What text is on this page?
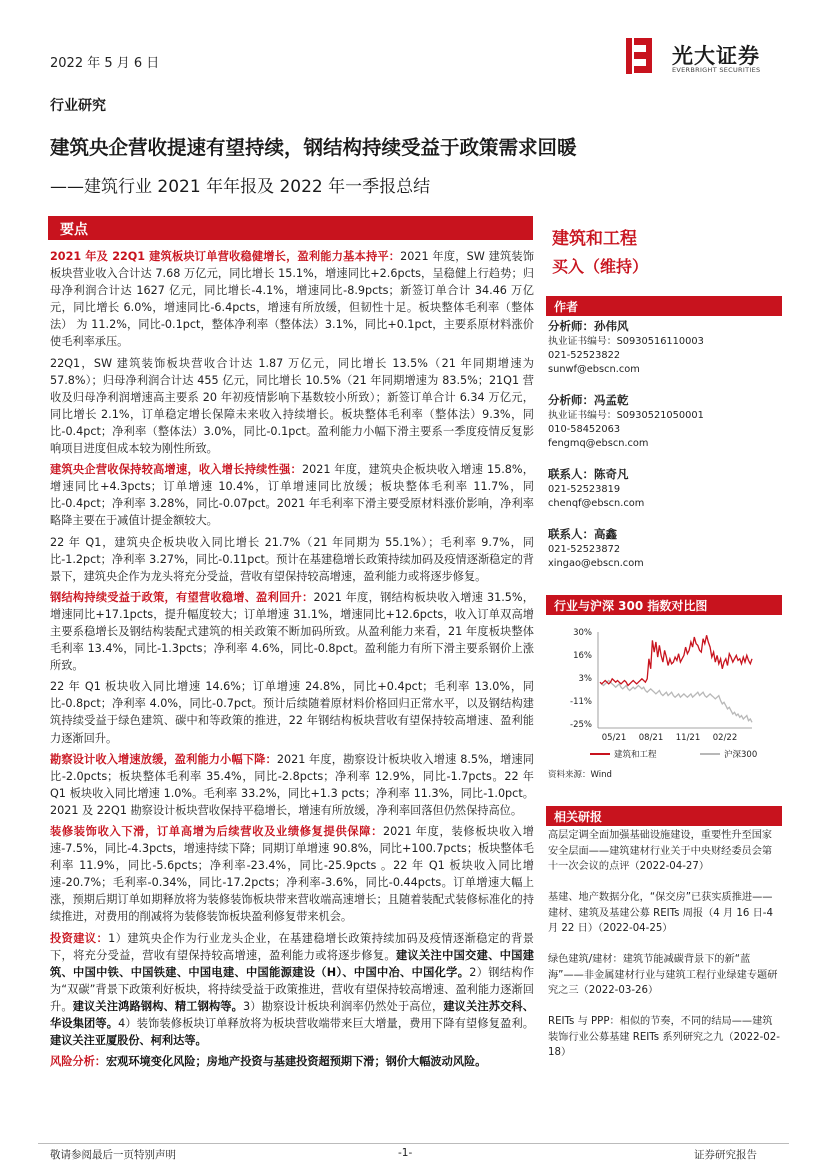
2022 年 5 月 6 日	光大证券
EVERBRIGHT SECURITIES
行业研究
建筑央企营收提速有望持续，钢结构持续受益于政策需求回暖
——建筑行业 2021 年年报及 2022 年一季报总结
要点

2021 年及 22Q1 建筑板块订单营收稳健增长，盈利能力基本持平：2021 年度，SW 建筑装饰板块营业收入合计达 7.68 万亿元，同比增长 15.1%，增速同比+2.6pcts，呈稳健上行趋势；归母净利润合计达 1627 亿元，同比增长-4.1%，增速同比-8.9pcts；新签订单合计 34.46 万亿元，同比增长 6.0%，增速同比-6.4pcts，增速有所放缓，但韧性十足。板块整体毛利率（整体法） 为 11.2%，同比-0.1pct，整体净利率（整体法）3.1%，同比+0.1pct，主要系原材料涨价使毛利率承压。

22Q1，SW 建筑装饰板块营收合计达 1.87 万亿元，同比增长 13.5%（21 年同期增速为 57.8%）；归母净利润合计达 455 亿元，同比增长 10.5%（21 年同期增速为 83.5%；21Q1 营收及归母净利润增速高主要系 20 年初疫情影响下基数较小所致）；新签订单合计 6.34 万亿元，同比增长 2.1%，订单稳定增长保障未来收入持续增长。板块整体毛利率（整体法）9.3%，同比-0.4pct；净利率（整体法）3.0%，同比-0.1pct。盈利能力小幅下滑主要系一季度疫情反复影响项目进度但成本较为刚性所致。

建筑央企营收保持较高增速，收入增长持续性强：2021 年度，建筑央企板块收入增速 15.8%，增速同比+4.3pcts；订单增速 10.4%，订单增速同比放缓；板块整体毛利率 11.7%，同比-0.4pct；净利率 3.28%，同比-0.07pct。2021 年毛利率下滑主要受原材料涨价影响，净利率略降主要在于减值计提金额较大。

22 年 Q1，建筑央企板块收入同比增长 21.7%（21 年同期为 55.1%）；毛利率 9.7%，同比-1.2pct；净利率 3.27%，同比-0.11pct。预计在基建稳增长政策持续加码及疫情逐渐稳定的背景下，建筑央企作为龙头将充分受益，营收有望保持较高增速，盈利能力或将逐步修复。

钢结构持续受益于政策，有望营收稳增、盈利回升：2021 年度，钢结构板块收入增速 31.5%，增速同比+17.1pcts，提升幅度较大；订单增速 31.1%，增速同比+12.6pcts，收入订单双高增主要系稳增长及钢结构装配式建筑的相关政策不断加码所致。从盈利能力来看，21 年度板块整体毛利率 13.4%，同比-1.3pcts；净利率 4.6%，同比-0.8pct。盈利能力有所下滑主要系钢价上涨所致。

22 年 Q1 板块收入同比增速 14.6%；订单增速 24.8%，同比+0.4pct；毛利率 13.0%，同比-0.8pct；净利率 4.0%，同比-0.7pct。预计后续随着原材料价格回归正常水平，以及钢结构建筑持续受益于绿色建筑、碳中和等政策的推进，22 年钢结构板块营收有望保持较高增速、盈利能力逐渐回升。

勘察设计收入增速放缓，盈利能力小幅下降：2021 年度，勘察设计板块收入增速 8.5%，增速同比-2.0pcts；板块整体毛利率 35.4%，同比-2.8pcts；净利率 12.9%，同比-1.7pcts。22 年 Q1 板块收入同比增速 1.0%。毛利率 33.2%，同比+1.3 pcts；净利率 11.3%，同比-1.0pct。2021 及 22Q1 勘察设计板块营收保持平稳增长，增速有所放缓，净利率回落但仍然保持高位。

装修装饰收入下滑，订单高增为后续营收及业绩修复提供保障：2021 年度，装修板块收入增速-7.5%，同比-4.3pcts，增速持续下降；同期订单增速 90.8%，同比+100.7pcts；板块整体毛利率 11.9%，同比-5.6pcts；净利率-23.4%，同比-25.9pcts 。22 年 Q1 板块收入同比增速-20.7%；毛利率-0.34%，同比-17.2pcts；净利率-3.6%，同比-0.44pcts。订单增速大幅上涨，预期后期订单如期释放将为装修装饰板块带来营收端高速增长；且随着装配式装修标准化的持续推进，对费用的削减将为装修装饰板块盈利修复带来机会。

投资建议：1）建筑央企作为行业龙头企业，在基建稳增长政策持续加码及疫情逐渐稳定的背景下，将充分受益，营收有望保持较高增速，盈利能力或将逐步修复。建议关注中国交建、中国建筑、中国中铁、中国铁建、中国电建、中国能源建设（H）、中国中冶、中国化学。2）钢结构作为“双碳”背景下政策利好板块，将持续受益于政策推进，营收有望保持较高增速、盈利能力逐渐回升。建议关注鸿路钢构、精工钢构等。3）勘察设计板块利润率仍然处于高位，建议关注苏交科、华设集团等。4）装饰装修板块订单释放将为板块营收端带来巨大增量，费用下降有望修复盈利。建议关注亚厦股份、柯利达等。

风险分析：宏观环境变化风险；房地产投资与基建投资超预期下滑；钢价大幅波动风险。

建筑和工程
买入（维持）
作者
分析师：孙伟风
执业证书编号：S0930516110003
021-52523822
sunwf@ebscn.com
分析师：冯孟乾
执业证书编号：S0930521050001
010-58452063
fengmq@ebscn.com
联系人：陈奇凡
021-52523819
chenqf@ebscn.com
联系人：高鑫
021-52523872
xingao@ebscn.com
行业与沪深 300 指数对比图
30%
16%
3%
-11%
-25%
05/21 08/21 11/21 02/22
建筑和工程	沪深300
资料来源：Wind
相关研报
高层定调全面加强基础设施建设，重要性升至国家安全层面——建筑建材行业关于中央财经委员会第十一次会议的点评（2022-04-27）
基建、地产数据分化，“保交房”已获实质推进——建材、建筑及基建公募 REITs 周报（4 月 16 日-4 月 22 日）（2022-04-25）
绿色建筑/建材：建筑节能减碳背景下的新“蓝海”——非金属建材行业与建筑工程行业绿建专题研究之三（2022-03-26）
REITs 与 PPP：相似的节奏，不同的结局——建筑装饰行业公募基建 REITs 系列研究之九（2022-02-18）
敬请参阅最后一页特别声明	-1-	证券研究报告
